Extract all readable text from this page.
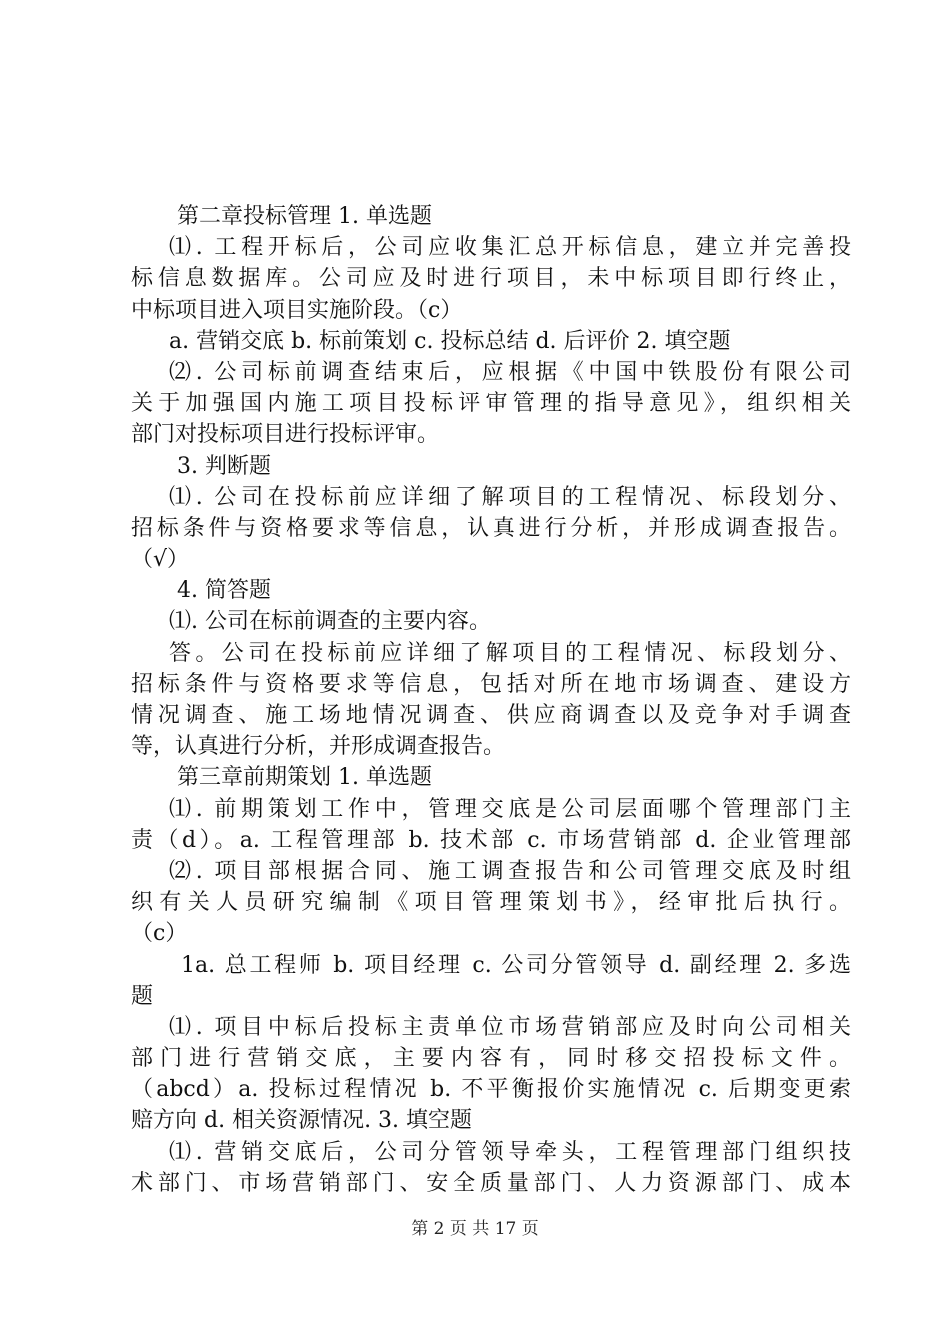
第二章投标管理 1. 单选题
⑴. 工程开标后，公司应收集汇总开标信息，建立并完善投
标信息数据库。公司应及时进行项目，未中标项目即行终止，
中标项目进入项目实施阶段。（c）
a. 营销交底 b. 标前策划 c. 投标总结 d. 后评价 2. 填空题
⑵. 公司标前调查结束后，应根据《中国中铁股份有限公司
关于加强国内施工项目投标评审管理的指导意见》，组织相关
部门对投标项目进行投标评审。
3. 判断题
⑴. 公司在投标前应详细了解项目的工程情况、标段划分、
招标条件与资格要求等信息，认真进行分析，并形成调查报告。
（√）
4. 简答题
⑴. 公司在标前调查的主要内容。
答。公司在投标前应详细了解项目的工程情况、标段划分、
招标条件与资格要求等信息，包括对所在地市场调查、建设方
情况调查、施工场地情况调查、供应商调查以及竞争对手调查
等，认真进行分析，并形成调查报告。
第三章前期策划 1. 单选题
⑴. 前期策划工作中，管理交底是公司层面哪个管理部门主
责（d）。a. 工程管理部 b. 技术部 c. 市场营销部 d. 企业管理部
⑵. 项目部根据合同、施工调查报告和公司管理交底及时组
织有关人员研究编制《项目管理策划书》，经审批后执行。
（c）
1a. 总工程师 b. 项目经理 c. 公司分管领导 d. 副经理 2. 多选
题
⑴. 项目中标后投标主责单位市场营销部应及时向公司相关
部门进行营销交底，主要内容有，同时移交招投标文件。
（abcd）a. 投标过程情况 b. 不平衡报价实施情况 c. 后期变更索
赔方向 d. 相关资源情况. 3. 填空题
⑴. 营销交底后，公司分管领导牵头，工程管理部门组织技
术部门、市场营销部门、安全质量部门、人力资源部门、成本
第 2 页 共 17 页
